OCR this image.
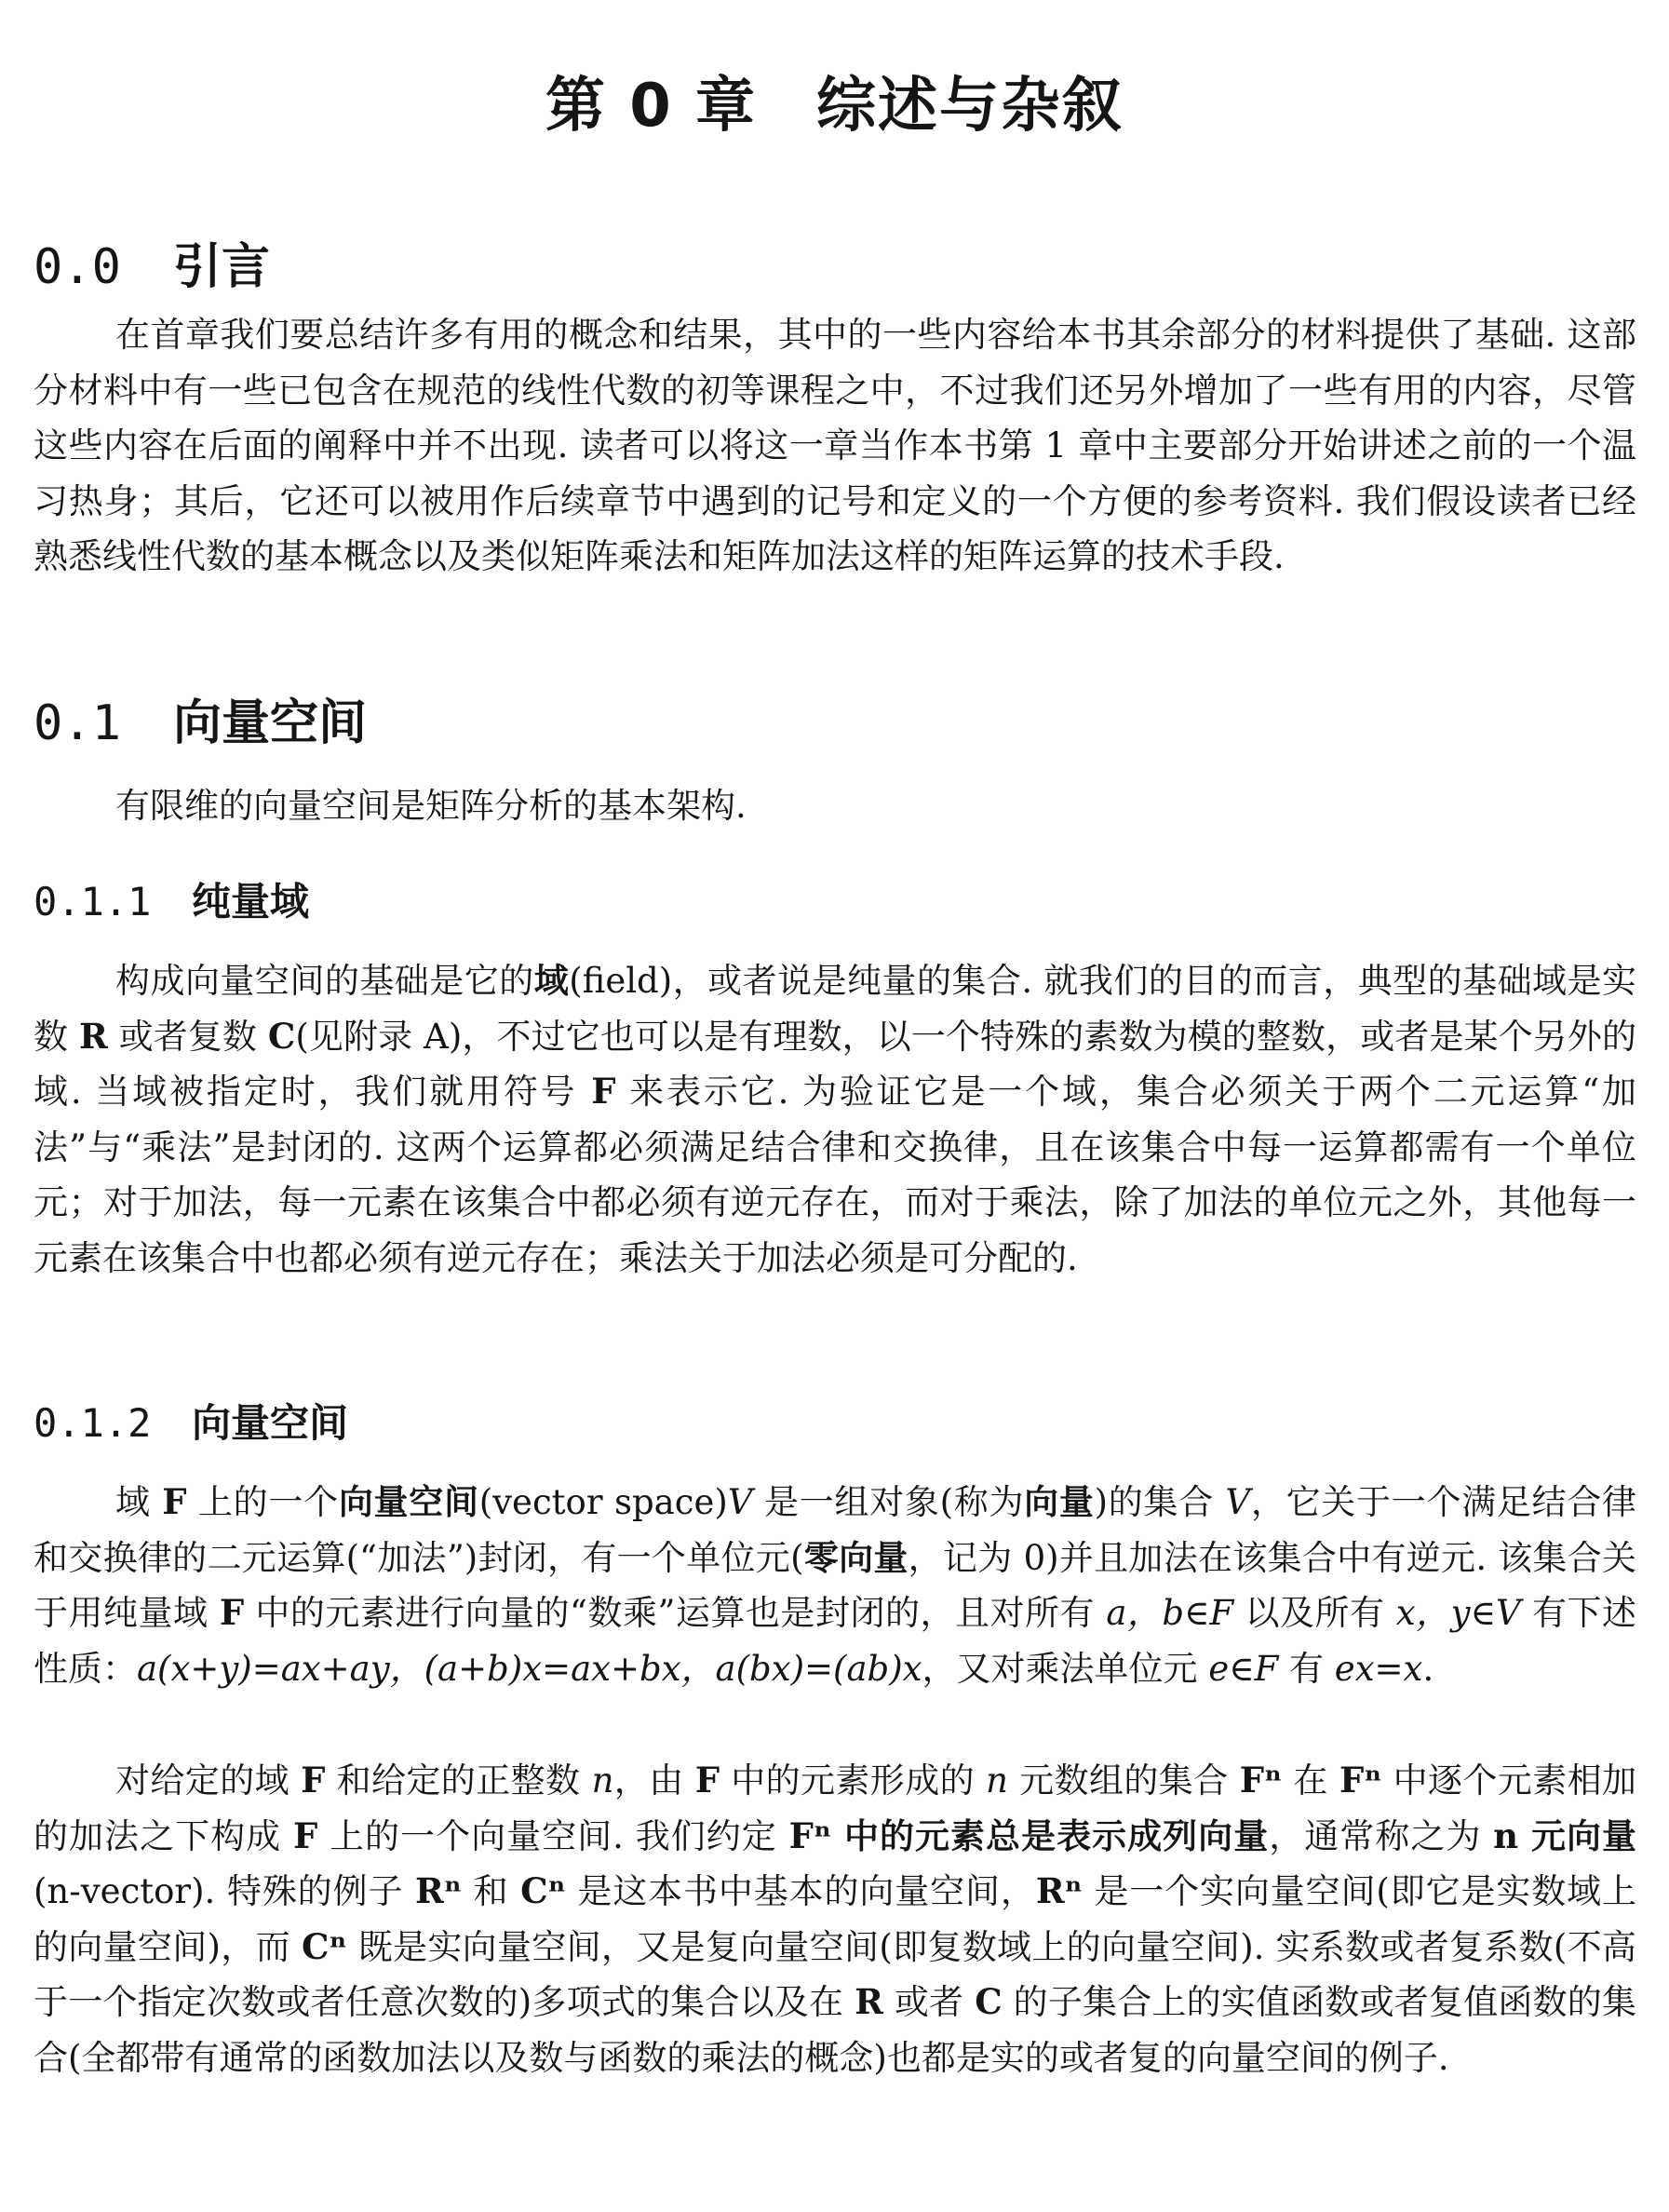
第 0 章 综述与杂叙
0.0 引言

在首章我们要总结许多有用的概念和结果，其中的一些内容给本书其余部分的材料提供了基础. 这部分材料中有一些已包含在规范的线性代数的初等课程之中，不过我们还另外增加了一些有用的内容，尽管这些内容在后面的阐释中并不出现. 读者可以将这一章当作本书第 1 章中主要部分开始讲述之前的一个温习热身；其后，它还可以被用作后续章节中遇到的记号和定义的一个方便的参考资料. 我们假设读者已经熟悉线性代数的基本概念以及类似矩阵乘法和矩阵加法这样的矩阵运算的技术手段.

0.1 向量空间

有限维的向量空间是矩阵分析的基本架构.

0.1.1 纯量域

构成向量空间的基础是它的域(field)，或者说是纯量的集合. 就我们的目的而言，典型的基础域是实数 R 或者复数 C(见附录 A)，不过它也可以是有理数，以一个特殊的素数为模的整数，或者是某个另外的域. 当域被指定时，我们就用符号 F 来表示它. 为验证它是一个域，集合必须关于两个二元运算“加法”与“乘法”是封闭的. 这两个运算都必须满足结合律和交换律，且在该集合中每一运算都需有一个单位元；对于加法，每一元素在该集合中都必须有逆元存在，而对于乘法，除了加法的单位元之外，其他每一元素在该集合中也都必须有逆元存在；乘法关于加法必须是可分配的.

0.1.2 向量空间

域 F 上的一个向量空间(vector space)V 是一组对象(称为向量)的集合 V，它关于一个满足结合律和交换律的二元运算(“加法”)封闭，有一个单位元(零向量，记为 0)并且加法在该集合中有逆元. 该集合关于用纯量域 F 中的元素进行向量的“数乘”运算也是封闭的，且对所有 a，b∈F 以及所有 x，y∈V 有下述性质：a(x+y)=ax+ay，(a+b)x=ax+bx，a(bx)=(ab)x，又对乘法单位元 e∈F 有 ex=x.

对给定的域 F 和给定的正整数 n，由 F 中的元素形成的 n 元数组的集合 Fⁿ 在 Fⁿ 中逐个元素相加的加法之下构成 F 上的一个向量空间. 我们约定 Fⁿ 中的元素总是表示成列向量，通常称之为 n 元向量(n-vector). 特殊的例子 Rⁿ 和 Cⁿ 是这本书中基本的向量空间，Rⁿ 是一个实向量空间(即它是实数域上的向量空间)，而 Cⁿ 既是实向量空间，又是复向量空间(即复数域上的向量空间). 实系数或者复系数(不高于一个指定次数或者任意次数的)多项式的集合以及在 R 或者 C 的子集合上的实值函数或者复值函数的集合(全都带有通常的函数加法以及数与函数的乘法的概念)也都是实的或者复的向量空间的例子.
